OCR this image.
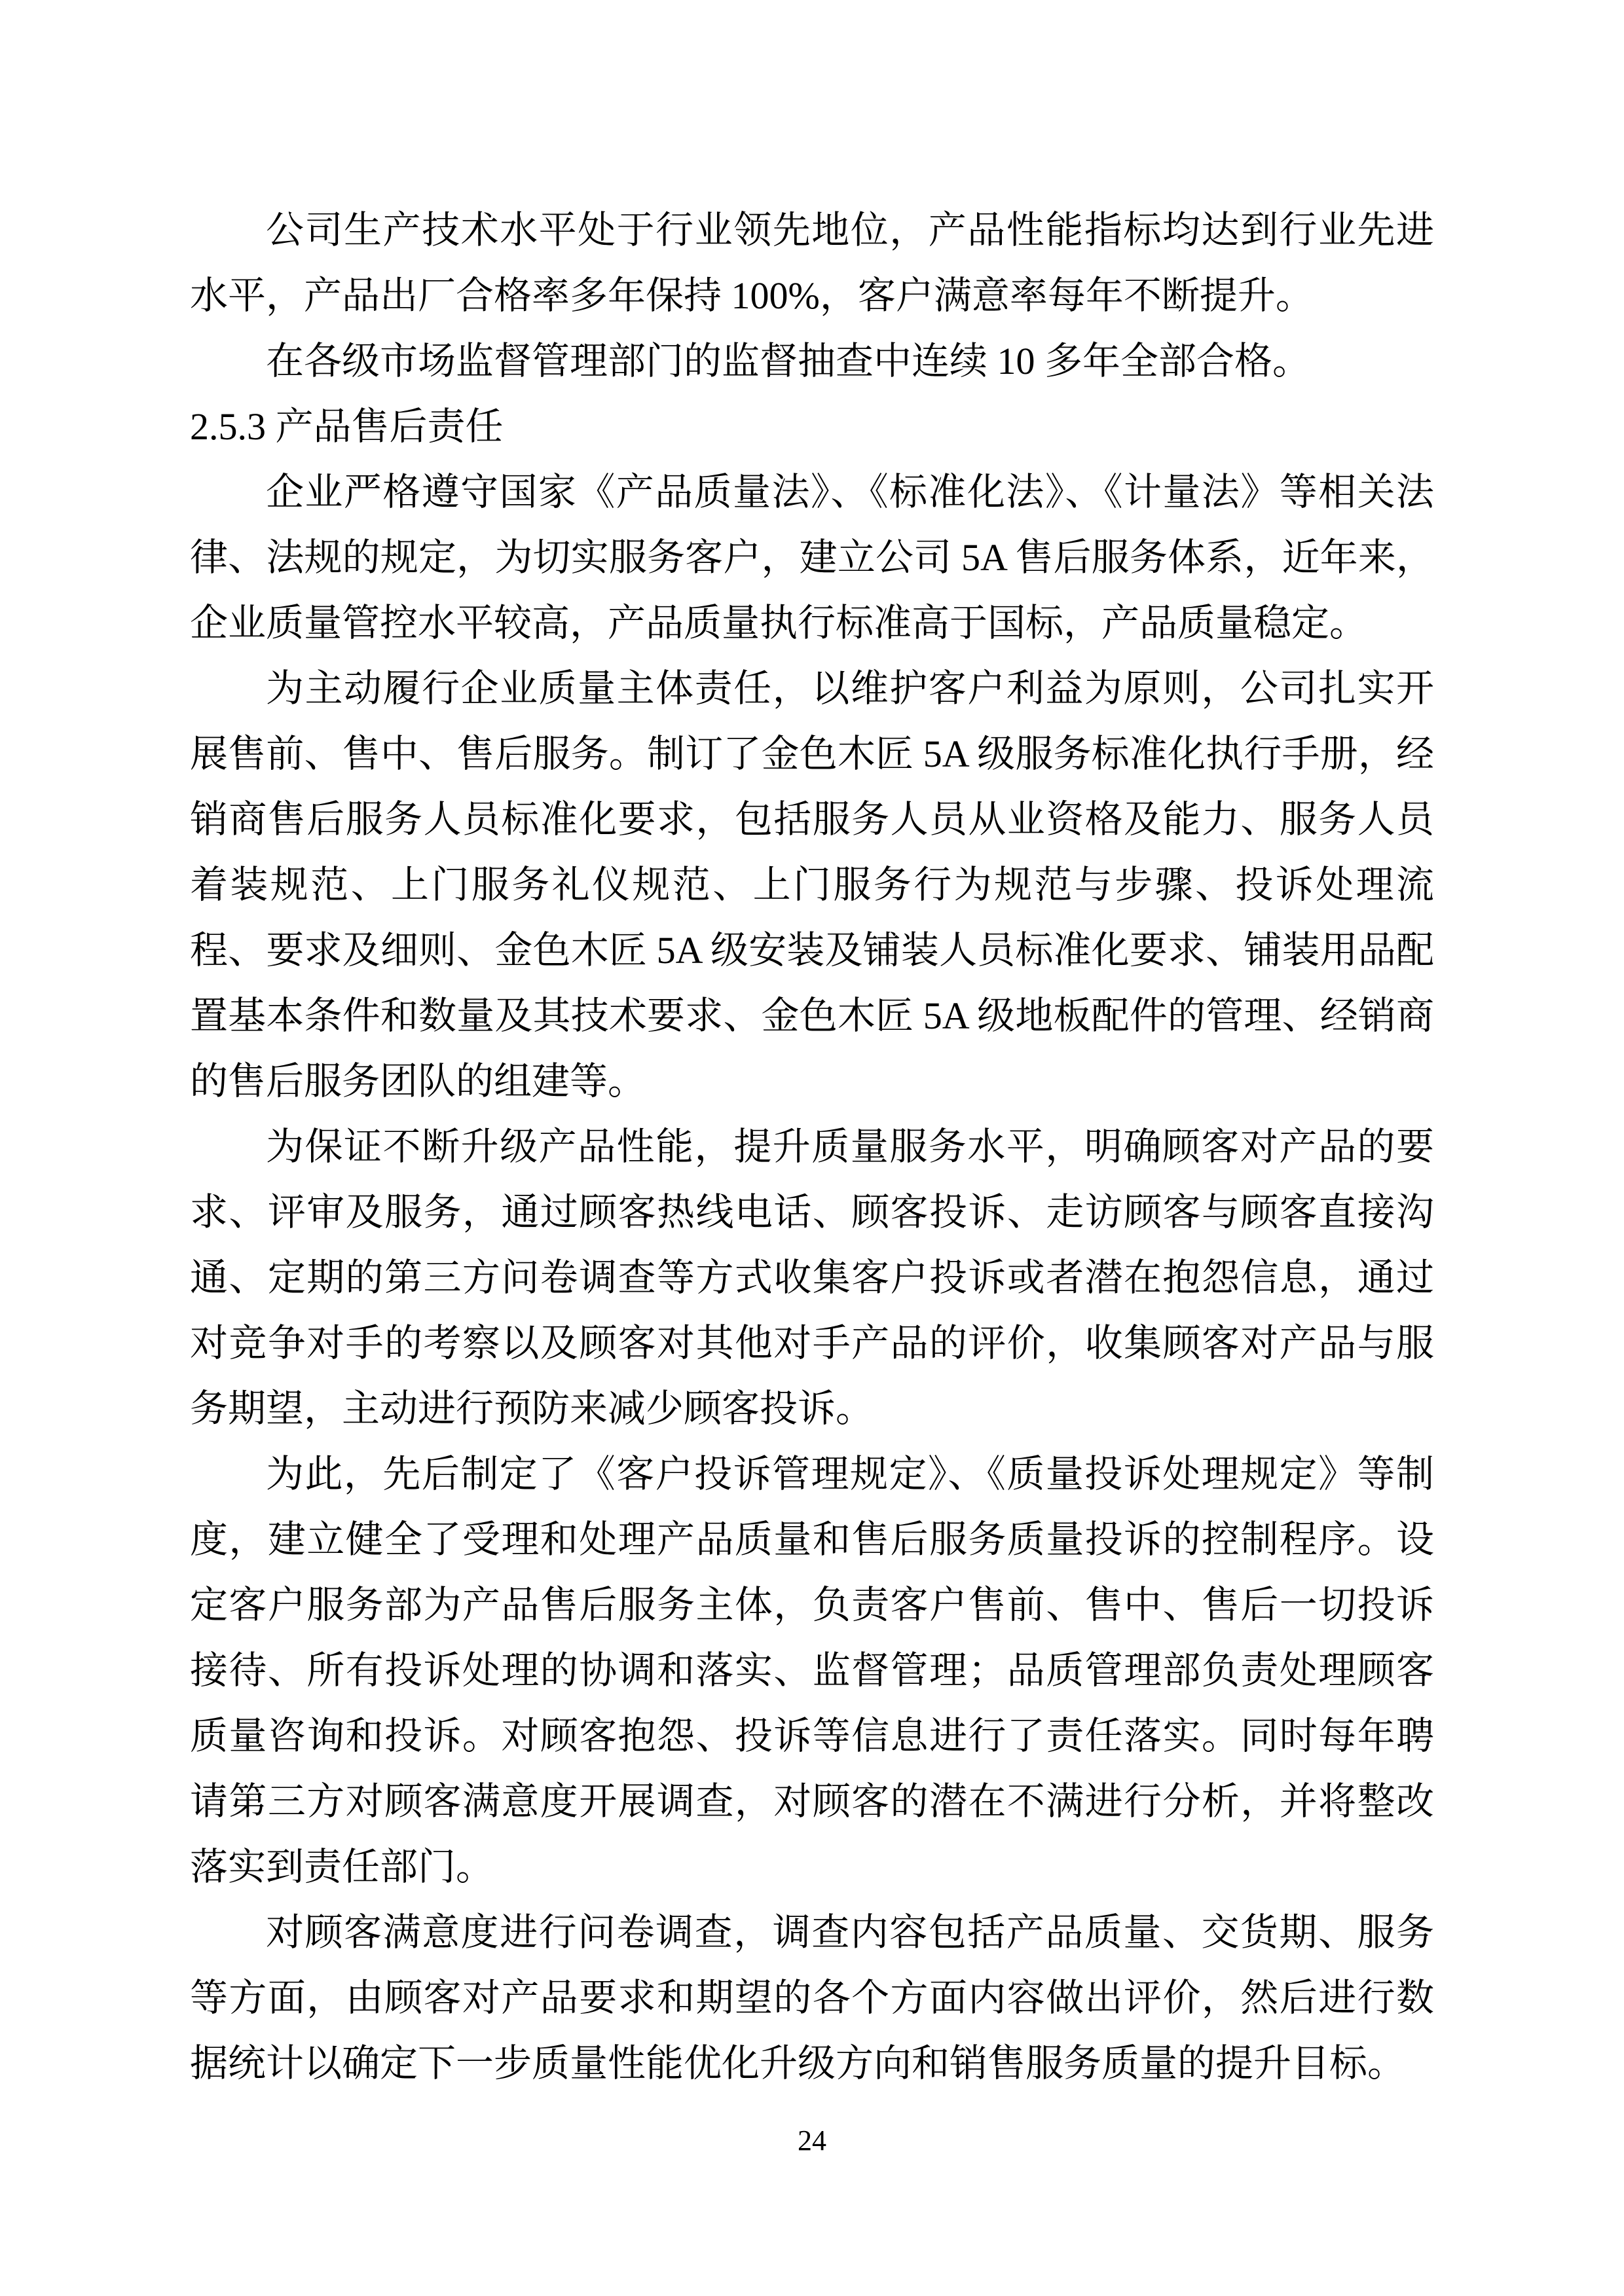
公司生产技术水平处于行业领先地位，产品性能指标均达到行业先进水平，产品出厂合格率多年保持 100%，客户满意率每年不断提升。

在各级市场监督管理部门的监督抽查中连续 10 多年全部合格。

2.5.3 产品售后责任

企业严格遵守国家《产品质量法》、《标准化法》、《计量法》等相关法律、法规的规定，为切实服务客户，建立公司 5A 售后服务体系，近年来，企业质量管控水平较高，产品质量执行标准高于国标，产品质量稳定。

为主动履行企业质量主体责任，以维护客户利益为原则，公司扎实开展售前、售中、售后服务。制订了金色木匠 5A 级服务标准化执行手册，经销商售后服务人员标准化要求，包括服务人员从业资格及能力、服务人员着装规范、上门服务礼仪规范、上门服务行为规范与步骤、投诉处理流程、要求及细则、金色木匠 5A 级安装及铺装人员标准化要求、铺装用品配置基本条件和数量及其技术要求、金色木匠 5A 级地板配件的管理、经销商的售后服务团队的组建等。

为保证不断升级产品性能，提升质量服务水平，明确顾客对产品的要求、评审及服务，通过顾客热线电话、顾客投诉、走访顾客与顾客直接沟通、定期的第三方问卷调查等方式收集客户投诉或者潜在抱怨信息，通过对竞争对手的考察以及顾客对其他对手产品的评价，收集顾客对产品与服务期望，主动进行预防来减少顾客投诉。

为此，先后制定了《客户投诉管理规定》、《质量投诉处理规定》等制度，建立健全了受理和处理产品质量和售后服务质量投诉的控制程序。设定客户服务部为产品售后服务主体，负责客户售前、售中、售后一切投诉接待、所有投诉处理的协调和落实、监督管理；品质管理部负责处理顾客质量咨询和投诉。对顾客抱怨、投诉等信息进行了责任落实。同时每年聘请第三方对顾客满意度开展调查，对顾客的潜在不满进行分析，并将整改落实到责任部门。

对顾客满意度进行问卷调查，调查内容包括产品质量、交货期、服务等方面，由顾客对产品要求和期望的各个方面内容做出评价，然后进行数据统计以确定下一步质量性能优化升级方向和销售服务质量的提升目标。

24
